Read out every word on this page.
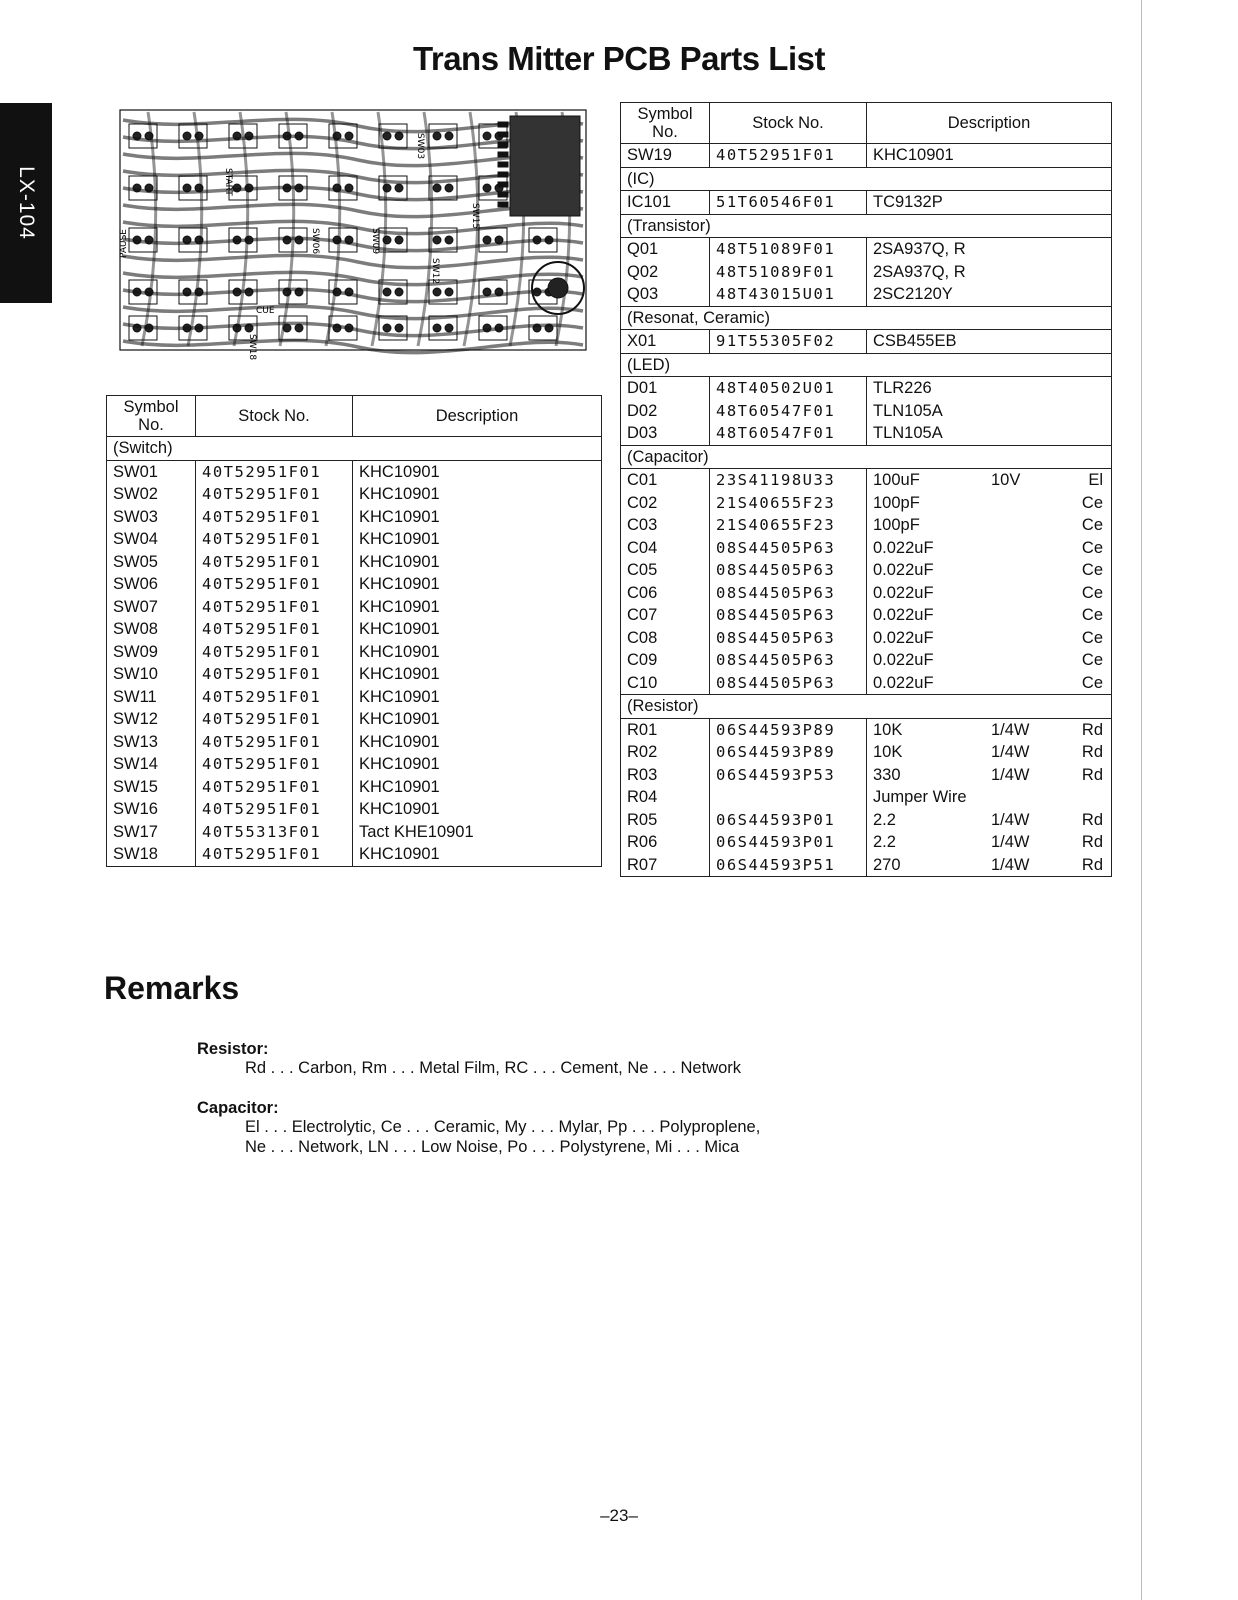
LX-104
Trans Mitter PCB Parts List
PAUSE
START
CUE
SW18
SW03
SW06	SW09
SW12
SW15
Symbol No.	Stock No.	Description
(Switch)		
SW01	40T52951F01	KHC10901
SW02	40T52951F01	KHC10901
SW03	40T52951F01	KHC10901
SW04	40T52951F01	KHC10901
SW05	40T52951F01	KHC10901
SW06	40T52951F01	KHC10901
SW07	40T52951F01	KHC10901
SW08	40T52951F01	KHC10901
SW09	40T52951F01	KHC10901
SW10	40T52951F01	KHC10901
SW11	40T52951F01	KHC10901
SW12	40T52951F01	KHC10901
SW13	40T52951F01	KHC10901
SW14	40T52951F01	KHC10901
SW15	40T52951F01	KHC10901
SW16	40T52951F01	KHC10901
SW17	40T55313F01	Tact KHE10901
SW18	40T52951F01	KHC10901
Symbol No.	Stock No.	Description
SW19	40T52951F01	KHC10901
(IC)		
IC101	51T60546F01	TC9132P
(Transistor)		
Q01	48T51089F01	2SA937Q, R
Q02	48T51089F01	2SA937Q, R
Q03	48T43015U01	2SC2120Y
(Resonat, Ceramic)		
X01	91T55305F02	CSB455EB
(LED)		
D01	48T40502U01	TLR226
D02	48T60547F01	TLN105A
D03	48T60547F01	TLN105A
(Capacitor)		
C01	23S41198U33	100uF 10V El

C02	21S40655F23	100pF Ce

C03	21S40655F23	100pF Ce

C04	08S44505P63	0.022uF Ce

C05	08S44505P63	0.022uF Ce

C06	08S44505P63	0.022uF Ce

C07	08S44505P63	0.022uF Ce

C08	08S44505P63	0.022uF Ce

C09	08S44505P63	0.022uF Ce

C10	08S44505P63	0.022uF Ce

(Resistor)		
R01	06S44593P89	10K 1/4W Rd

R02	06S44593P89	10K 1/4W Rd

R03	06S44593P53	330 1/4W Rd

R04		Jumper Wire

R05	06S44593P01	2.2 1/4W Rd

R06	06S44593P01	2.2 1/4W Rd

R07	06S44593P51	270 1/4W Rd
Remarks
Resistor:
Rd . . . Carbon, Rm . . . Metal Film, RC . . . Cement, Ne . . . Network
Capacitor:
El . . . Electrolytic, Ce . . . Ceramic, My . . . Mylar, Pp . . . Polyproplene,
Ne . . . Network, LN . . . Low Noise, Po . . . Polystyrene, Mi . . . Mica
–23–
